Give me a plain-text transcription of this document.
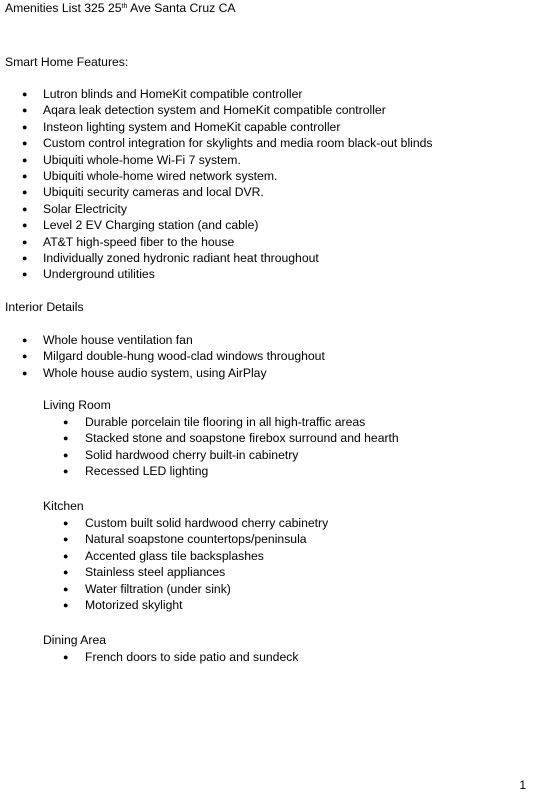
Amenities List 325 25th Ave Santa Cruz CA
Smart Home Features:
● Lutron blinds and HomeKit compatible controller
● Aqara leak detection system and HomeKit compatible controller
● Insteon lighting system and HomeKit capable controller
● Custom control integration for skylights and media room black-out blinds
● Ubiquiti whole-home Wi-Fi 7 system.
● Ubiquiti whole-home wired network system.
● Ubiquiti security cameras and local DVR.
● Solar Electricity
● Level 2 EV Charging station (and cable)
● AT&T high-speed fiber to the house
● Individually zoned hydronic radiant heat throughout
● Underground utilities
Interior Details
● Whole house ventilation fan
● Milgard double-hung wood-clad windows throughout
● Whole house audio system, using AirPlay
Living Room
● Durable porcelain tile flooring in all high-traffic areas
● Stacked stone and soapstone firebox surround and hearth
● Solid hardwood cherry built-in cabinetry
● Recessed LED lighting
Kitchen
● Custom built solid hardwood cherry cabinetry
● Natural soapstone countertops/peninsula
● Accented glass tile backsplashes
● Stainless steel appliances
● Water filtration (under sink)
● Motorized skylight
Dining Area
● French doors to side patio and sundeck
1
